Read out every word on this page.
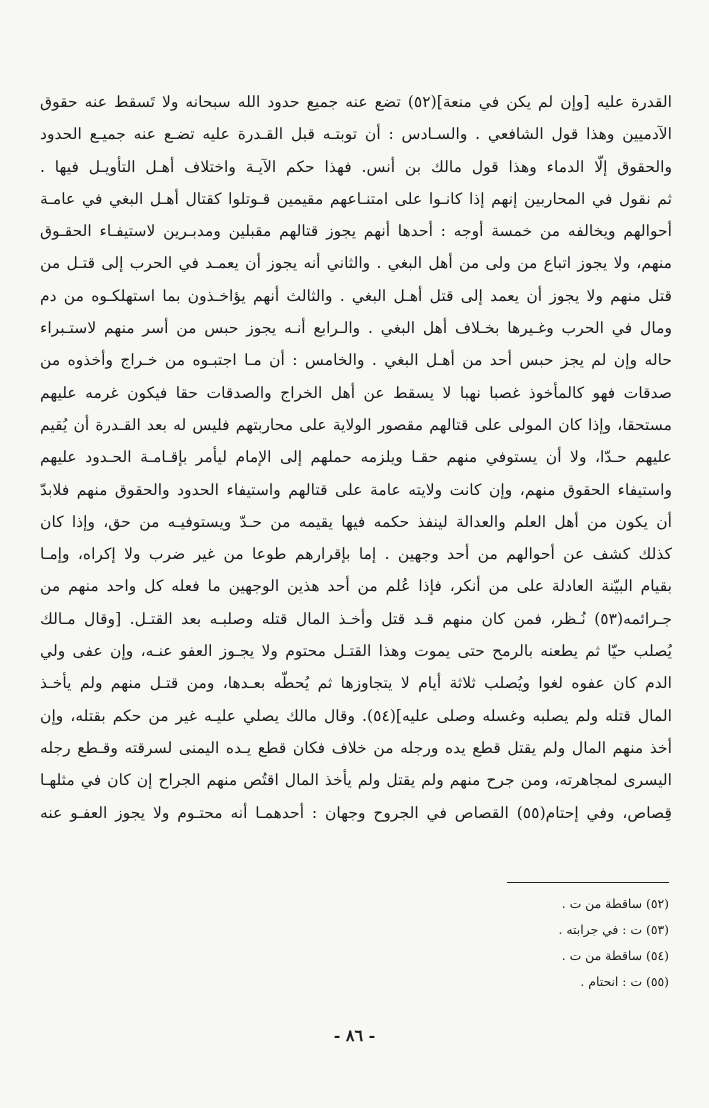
القدرة عليه [وإن لم يكن في منعة](٥٢) تضع عنه جميع حدود الله سبحانه ولا تَسقط عنه حقوق
الآدميين وهذا قول الشافعي . والسـادس : أن توبتـه قبل القـدرة عليه تضـع عنه جميـع الحدود
والحقوق إلّا الدماء وهذا قول مالك بن أنس. فهذا حكم الآيـة واختلاف أهـل التأويـل فيها .
ثم نقول في المحاربين إنهم إذا كانـوا على امتنـاعهم مقيمين قـوتلوا كقتال أهـل البغي في عامـة
أحوالهم ويخالفه من خمسة أوجه : أحدها أنهم يجوز قتالهم مقبلين ومدبـرين لاستيفـاء الحقـوق
منهم، ولا يجوز اتباع من ولى من أهل البغي . والثاني أنه يجوز أن يعمـد في الحرب إلى قتـل من
قتل منهم ولا يجوز أن يعمد إلى قتل أهـل البغي . والثالث أنهم يؤاخـذون بما استهلكـوه من دم
ومال في الحرب وغـيرها بخـلاف أهل البغي . والـرابع أنـه يجوز حبس من أسر منهم لاستـبراء
حاله وإن لم يجز حبس أحد من أهـل البغي . والخامس : أن مـا اجتبـوه من خـراج وأخذوه من
صدقات فهو كالمأخوذ غصبا نهبا لا يسقط عن أهل الخراج والصدقات حقا فيكون غرمه عليهم
مستحقا، وإذا كان المولى على قتالهم مقصور الولاية على محاربتهم فليس له بعد القـدرة أن يُقيم
عليهم حـدّا، ولا أن يستوفي منهم حقـا ويلزمه حملهم إلى الإمام ليأمر بإقـامـة الحـدود عليهم
واستيفاء الحقوق منهم، وإن كانت ولايته عامة على قتالهم واستيفاء الحدود والحقوق منهم فلابدّ
أن يكون من أهل العلم والعدالة لينفذ حكمه فيها يقيمه من حـدّ ويستوفيـه من حق، وإذا كان
كذلك كشف عن أحوالهم من أحد وجهين . إما بإقرارهم طوعا من غير ضرب ولا إكراه، وإمـا
بقيام البيّنة العادلة على من أنكر، فإذا عُلم من أحد هذين الوجهين ما فعله كل واحد منهم من
جـرائمه(٥٣) نُـظر، فمن كان منهم قـد قتل وأخـذ المال قتله وصلبـه بعد القتـل. [وقال مـالك
يُصلب حيّا ثم يطعنه بالرمح حتى يموت وهذا القتـل محتوم ولا يجـوز العفو عنـه، وإن عفى ولي
الدم كان عفوه لغوا ويُصلب ثلاثة أيام لا يتجاوزها ثم يُحطّه بعـدها، ومن قتـل منهم ولم يأخـذ
المال قتله ولم يصلبه وغسله وصلى عليه](٥٤). وقال مالك يصلي عليـه غير من حكم بقتله، وإن
أخذ منهم المال ولم يقتل قطع يده ورجله من خلاف فكان قطع يـده اليمنى لسرقته وقـطع رجله
اليسرى لمجاهرته، ومن جرح منهم ولم يقتل ولم يأخذ المال اقتُص منهم الجراح إن كان في مثلهـا
قِصاص، وفي إحتام(٥٥) القصاص في الجروح وجهان : أحدهمـا أنه محتـوم ولا يجوز العفـو عنه
(٥٢) ساقطة من ت .
(٥٣) ت : في جرابته .
(٥٤) ساقطة من ت .
(٥٥) ت : انحتام .
- ٨٦ -
